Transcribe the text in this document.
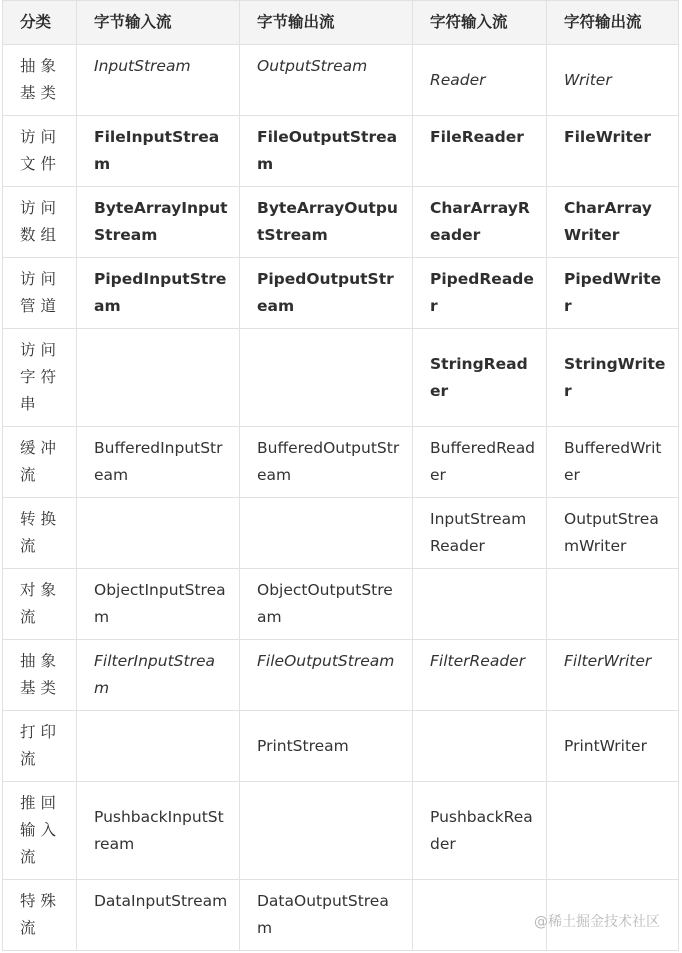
分类	字节输入流	字节输出流	字符输入流	字符输出流
抽象基类	InputStream	OutputStream	Reader	Writer
访问文件	FileInputStream	FileOutputStream	FileReader	FileWriter
访问数组	ByteArrayInputStream	ByteArrayOutputStream	CharArrayReader	CharArrayWriter
访问管道	PipedInputStream	PipedOutputStream	PipedReader	PipedWriter
访问字符串			StringReader	StringWriter
缓冲流	BufferedInputStream	BufferedOutputStream	BufferedReader	BufferedWriter
转换流			InputStreamReader	OutputStreamWriter
对象流	ObjectInputStream	ObjectOutputStream		
抽象基类	FilterInputStream	FileOutputStream	FilterReader	FilterWriter
打印流		PrintStream		PrintWriter
推回输入流	PushbackInputStream		PushbackReader	
特殊流	DataInputStream	DataOutputStream			@稀土掘金技术社区
